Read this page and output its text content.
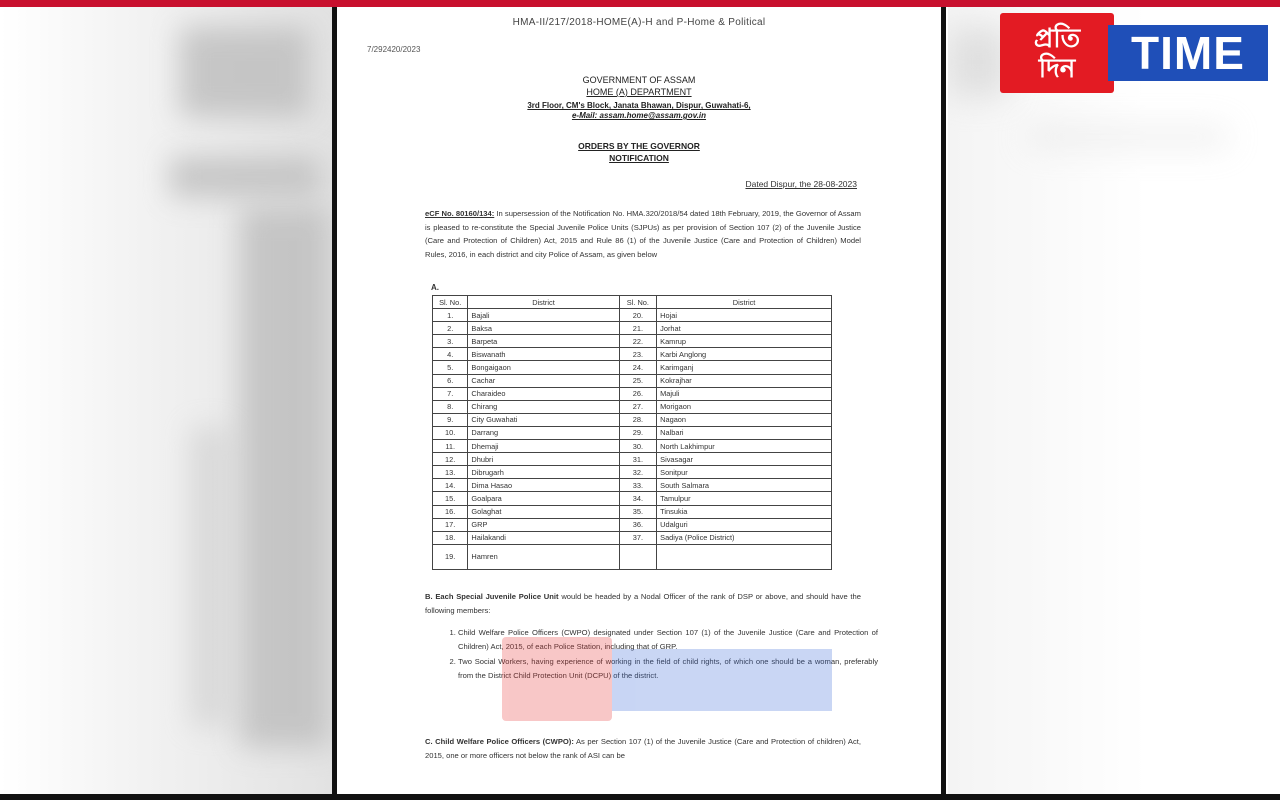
HMA-II/217/2018-HOME(A)-H and P-Home & Political
7/292420/2023
GOVERNMENT OF ASSAM
HOME (A) DEPARTMENT
3rd Floor, CM's Block, Janata Bhawan, Dispur, Guwahati-6,
e-Mail: assam.home@assam.gov.in
ORDERS BY THE GOVERNOR
NOTIFICATION
Dated Dispur, the 28-08-2023
eCF No. 80160/134: In supersession of the Notification No. HMA.320/2018/54 dated 18th February, 2019, the Governor of Assam is pleased to re-constitute the Special Juvenile Police Units (SJPUs) as per provision of Section 107 (2) of the Juvenile Justice (Care and Protection of Children) Act, 2015 and Rule 86 (1) of the Juvenile Justice (Care and Protection of Children) Model Rules, 2016, in each district and city Police of Assam, as given below
A.
Sl. No.	District	Sl. No.	District
1.	Bajali	20.	Hojai
2.	Baksa	21.	Jorhat
3.	Barpeta	22.	Kamrup
4.	Biswanath	23.	Karbi Anglong
5.	Bongaigaon	24.	Karimganj
6.	Cachar	25.	Kokrajhar
7.	Charaideo	26.	Majuli
8.	Chirang	27.	Morigaon
9.	City Guwahati	28.	Nagaon
10.	Darrang	29.	Nalbari
11.	Dhemaji	30.	North Lakhimpur
12.	Dhubri	31.	Sivasagar
13.	Dibrugarh	32.	Sonitpur
14.	Dima Hasao	33.	South Salmara
15.	Goalpara	34.	Tamulpur
16.	Golaghat	35.	Tinsukia
17.	GRP	36.	Udalguri
18.	Hailakandi	37.	Sadiya (Police District)
19.	Hamren		
B. Each Special Juvenile Police Unit would be headed by a Nodal Officer of the rank of DSP or above, and should have the following members:
1. Child Welfare Police Officers (CWPO) designated under Section 107 (1) of the Juvenile Justice (Care and Protection of Children) Act, 2015, of each Police Station, including that of GRP.
2. Two Social Workers, having experience of working in the field of child rights, of which one should be a woman, preferably from the District Child Protection Unit (DCPU) of the district.
C. Child Welfare Police Officers (CWPO): As per Section 107 (1) of the Juvenile Justice (Care and Protection of children) Act, 2015, one or more officers not below the rank of ASI can be
প্রতি
দিন	TIME
